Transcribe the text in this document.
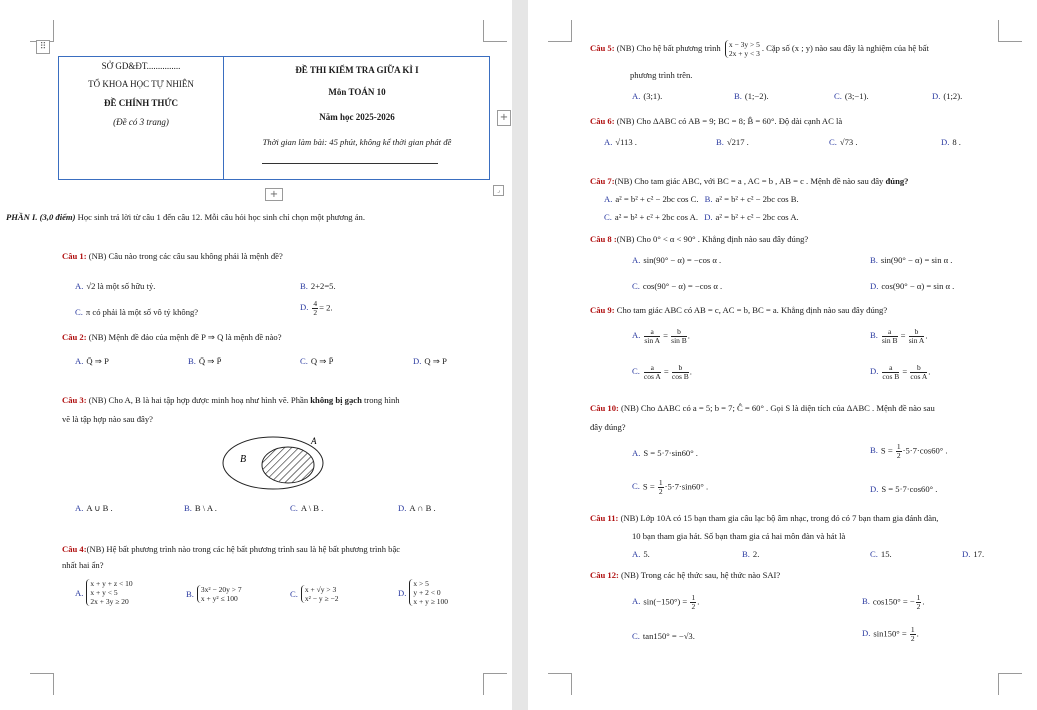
⠿
+
+
⌟
SỞ GD&ĐT...............
TỔ KHOA HỌC TỰ NHIÊN
ĐỀ CHÍNH THỨC
(Đề có 3 trang)
ĐỀ THI KIỂM TRA GIỮA KÌ I
Môn TOÁN 10
Năm học 2025-2026
Thời gian làm bài: 45 phút, không kể thời gian phát đề
PHẦN I. (3,0 điểm) Học sinh trả lời từ câu 1 đến câu 12. Mỗi câu hỏi học sinh chỉ chọn một phương án.
Câu 1: (NB) Câu nào trong các câu sau không phải là mệnh đề?
A. √2 là một số hữu tỷ.	B. 2+2=5.
C. π có phải là một số vô tỷ không?	D. $\frac{4}{2} = 2$.
Câu 2: (NB) Mệnh đề đảo của mệnh đề P ⇒ Q là mệnh đề nào?
A. Q̄ ⇒ P	B. Q̄ ⇒ P̄	C. Q ⇒ P̄	D. Q ⇒ P
Câu 3: (NB) Cho A, B là hai tập hợp được minh hoạ như hình vẽ. Phần không bị gạch trong hình
vẽ là tập hợp nào sau đây?
B
A
A. A ∪ B .	B. B \ A .	C. A \ B .	D. A ∩ B .
Câu 4:(NB) Hệ bất phương trình nào trong các hệ bất phương trình sau là hệ bất phương trình bậc
nhất hai ẩn?
A.x + y + z < 10
x + y < 5
2x + 3y ≥ 20
B. 3x² − 20y > 7
x + y² ≤ 100	C. x + √y > 3
x² − y ≥ −2
D.x > 5
y + 2 < 0
x + y ≥ 100
Câu 5: (NB) Cho hệ bất phương trình x − 3y > 5
2x + y < 3. Cặp số (x ; y) nào sau đây là nghiệm của hệ bất
phương trình trên.
A. (3;1).	B. (1;−2).	C. (3;−1).	D. (1;2).
Câu 6: (NB) Cho ΔABC có AB = 9; BC = 8; B̂ = 60°. Độ dài cạnh AC là
A. √113 .	B. √217 .	C. √73 .	D. 8 .
Câu 7:(NB) Cho tam giác ABC, với BC = a , AC = b , AB = c . Mệnh đề nào sau đây đúng?
A. a² = b² + c² − 2bc cos C. B. a² = b² + c² − 2bc cos B.
C. a² = b² + c² + 2bc cos A. D. a² = b² + c² − 2bc cos A.
Câu 8 :(NB) Cho 0° < α < 90° . Khẳng định nào sau đây đúng?
A. sin(90° − α) = −cos α .	B. sin(90° − α) = sin α .
C. cos(90° − α) = −cos α .	D. cos(90° − α) = sin α .
Câu 9: Cho tam giác ABC có AB = c, AC = b, BC = a. Khẳng định nào sau đây đúng?
A. $\frac{a}{\text{sin A}} = \frac{b}{\text{sin B}}$ .	B. $\frac{a}{\text{sin B}} = \frac{b}{\text{sin A}}$ .
C. $\frac{a}{\text{cos A}} = \frac{b}{\text{cos B}}$ .	D. $\frac{a}{\text{cos B}} = \frac{b}{\text{cos A}}$ .
Câu 10: (NB) Cho ΔABC có a = 5; b = 7; Ĉ = 60° . Gọi S là diện tích của ΔABC . Mệnh đề nào sau
đây đúng?
A. S = 5·7·sin60° .	B. $S = \frac{1}{2} \cdot 5\cdot 7\cdot\cos 60^\circ$ .
C. $S = \frac{1}{2} \cdot 5\cdot 7\cdot\sin 60^\circ$ .	D. S = 5·7·cos60° .
Câu 11: (NB) Lớp 10A có 15 bạn tham gia câu lạc bộ âm nhạc, trong đó có 7 bạn tham gia đánh đàn,
10 bạn tham gia hát. Số bạn tham gia cả hai môn đàn và hát là
A. 5.	B. 2.	C. 15.	D. 17.
Câu 12: (NB) Trong các hệ thức sau, hệ thức nào SAI?
A. $\sin(-150^\circ) = \frac{1}{2}$ .	B. cos150° = − $\frac{1}{2}$ .
C. tan150° = −√3.	D. $\sin 150^\circ = \frac{1}{2}$ .
